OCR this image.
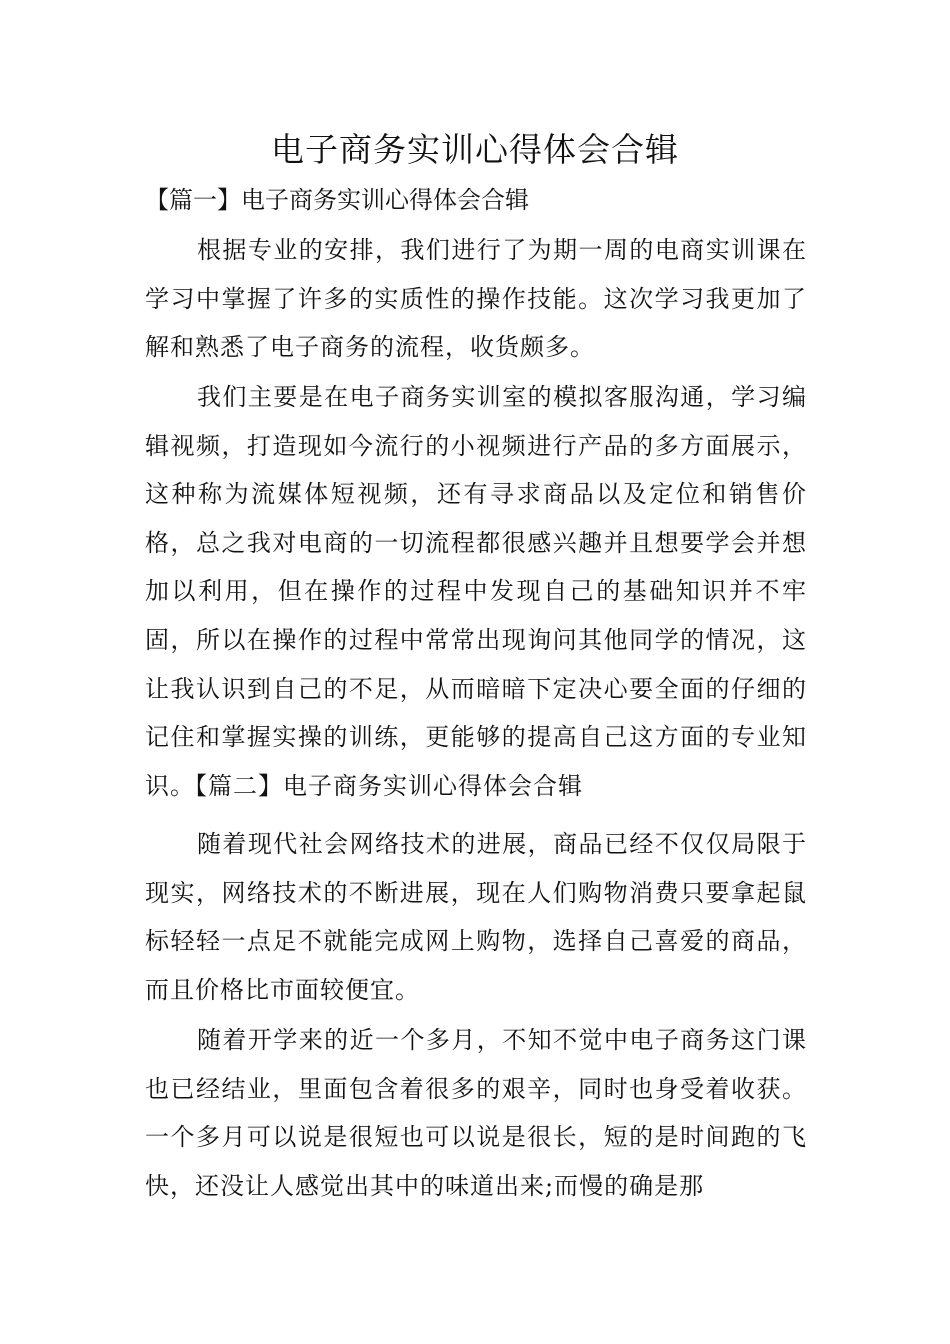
电子商务实训心得体会合辑
【篇一】电子商务实训心得体会合辑

根据专业的安排，我们进行了为期一周的电商实训课在学习中掌握了许多的实质性的操作技能。这次学习我更加了解和熟悉了电子商务的流程，收货颇多。

我们主要是在电子商务实训室的模拟客服沟通，学习编辑视频，打造现如今流行的小视频进行产品的多方面展示，这种称为流媒体短视频，还有寻求商品以及定位和销售价格，总之我对电商的一切流程都很感兴趣并且想要学会并想加以利用，但在操作的过程中发现自己的基础知识并不牢固，所以在操作的过程中常常出现询问其他同学的情况，这让我认识到自己的不足，从而暗暗下定决心要全面的仔细的记住和掌握实操的训练，更能够的提高自己这方面的专业知识。【篇二】电子商务实训心得体会合辑

随着现代社会网络技术的进展，商品已经不仅仅局限于现实，网络技术的不断进展，现在人们购物消费只要拿起鼠标轻轻一点足不就能完成网上购物，选择自己喜爱的商品，而且价格比市面较便宜。

随着开学来的近一个多月，不知不觉中电子商务这门课也已经结业，里面包含着很多的艰辛，同时也身受着收获。一个多月可以说是很短也可以说是很长，短的是时间跑的飞快，还没让人感觉出其中的味道出来;而慢的确是那
